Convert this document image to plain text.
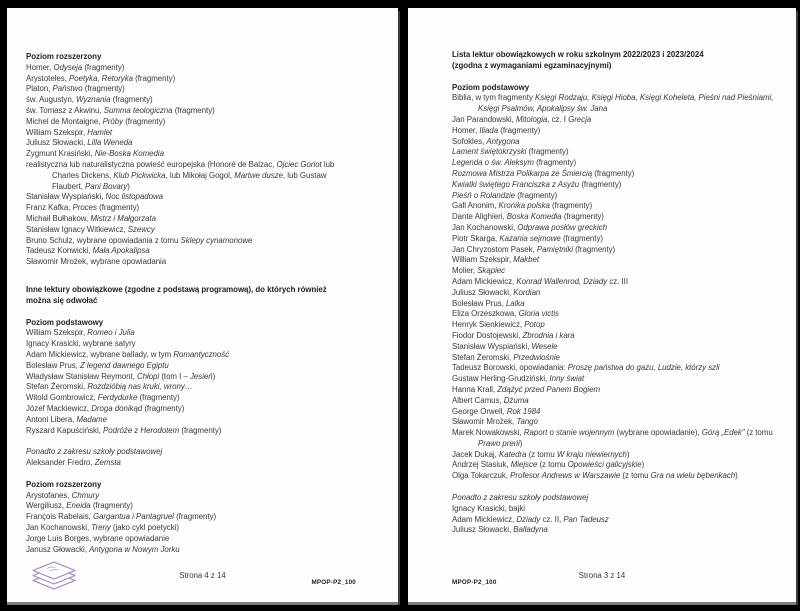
Poziom rozszerzony
Homer, Odyseja (fragmenty)
Arystoteles, Poetyka, Retoryka (fragmenty)
Platon, Państwo (fragmenty)
św. Augustyn, Wyznania (fragmenty)
św. Tomasz z Akwinu, Summa teologiczna (fragmenty)
Michel de Montaigne, Próby (fragmenty)
William Szekspir, Hamlet
Juliusz Słowacki, Lilla Weneda
Zygmunt Krasiński, Nie-Boska Komedia
realistyczna lub naturalistyczna powieść europejska (Honoré de Balzac, Ojciec Goriot lub
Charles Dickens, Klub Pickwicka, lub Mikołaj Gogol, Martwe dusze, lub Gustaw
Flaubert, Pani Bovary)
Stanisław Wyspiański, Noc listopadowa
Franz Kafka, Proces (fragmenty)
Michaił Bułhakow, Mistrz i Małgorzata
Stanisław Ignacy Witkiewicz, Szewcy
Bruno Schulz, wybrane opowiadania z tomu Sklepy cynamonowe
Tadeusz Konwicki, Mała Apokalipsa
Sławomir Mrożek, wybrane opowiadania
Inne lektury obowiązkowe (zgodne z podstawą programową), do których również
można się odwołać
Poziom podstawowy
William Szekspir, Romeo i Julia
Ignacy Krasicki, wybrane satyry
Adam Mickiewicz, wybrane ballady, w tym Romantyczność
Bolesław Prus, Z legend dawnego Egiptu
Władysław Stanisław Reymont, Chłopi (tom I – Jesień)
Stefan Żeromski, Rozdzióbią nas kruki, wrony…
Witold Gombrowicz, Ferdydurke (fragmenty)
Józef Mackiewicz, Droga donikąd (fragmenty)
Antoni Libera, Madame
Ryszard Kapuściński, Podróże z Herodotem (fragmenty)
Ponadto z zakresu szkoły podstawowej
Aleksander Fredro, Zemsta
Poziom rozszerzony
Arystofanes, Chmury
Wergiliusz, Eneida (fragmenty)
François Rabelais, Gargantua i Pantagruel (fragmenty)
Jan Kochanowski, Treny (jako cykl poetycki)
Jorge Luis Borges, wybrane opowiadanie
Janusz Głowacki, Antygona w Nowym Jorku
Strona 4 z 14
MPOP-P2_100
Lista lektur obowiązkowych w roku szkolnym 2022/2023 i 2023/2024
(zgodna z wymaganiami egzaminacyjnymi)
Poziom podstawowy
Biblia, w tym fragmenty Księgi Rodzaju, Księgi Hioba, Księgi Koheleta, Pieśni nad Pieśniami,
Księgi Psalmów, Apokalipsy św. Jana
Jan Parandowski, Mitologia, cz. I Grecja
Homer, Iliada (fragmenty)
Sofokles, Antygona
Lament świętokrzyski (fragmenty)
Legenda o św. Aleksym (fragmenty)
Rozmowa Mistrza Polikarpa ze Śmiercią (fragmenty)
Kwiatki świętego Franciszka z Asyżu (fragmenty)
Pieśń o Rolandzie (fragmenty)
Gall Anonim, Kronika polska (fragmenty)
Dante Alighieri, Boska Komedia (fragmenty)
Jan Kochanowski, Odprawa posłów greckich
Piotr Skarga, Kazania sejmowe (fragmenty)
Jan Chryzostom Pasek, Pamiętniki (fragmenty)
William Szekspir, Makbet
Molier, Skąpiec
Adam Mickiewicz, Konrad Wallenrod, Dziady cz. III
Juliusz Słowacki, Kordian
Bolesław Prus, Lalka
Eliza Orzeszkowa, Gloria victis
Henryk Sienkiewicz, Potop
Fiodor Dostojewski, Zbrodnia i kara
Stanisław Wyspiański, Wesele
Stefan Żeromski, Przedwiośnie
Tadeusz Borowski, opowiadania: Proszę państwa do gazu, Ludzie, którzy szli
Gustaw Herling-Grudziński, Inny świat
Hanna Krall, Zdążyć przed Panem Bogiem
Albert Camus, Dżuma
George Orwell, Rok 1984
Sławomir Mrożek, Tango
Marek Nowakowski, Raport o stanie wojennym (wybrane opowiadanie), Górą „Edek” (z tomu
Prawo prerii)
Jacek Dukaj, Katedra (z tomu W kraju niewiernych)
Andrzej Stasiuk, Miejsce (z tomu Opowieści galicyjskie)
Olga Tokarczuk, Profesor Andrews w Warszawie (z tomu Gra na wielu bębenkach)
Ponadto z zakresu szkoły podstawowej
Ignacy Krasicki, bajki
Adam Mickiewicz, Dziady cz. II, Pan Tadeusz
Juliusz Słowacki, Balladyna
Strona 3 z 14
MPOP-P2_100
